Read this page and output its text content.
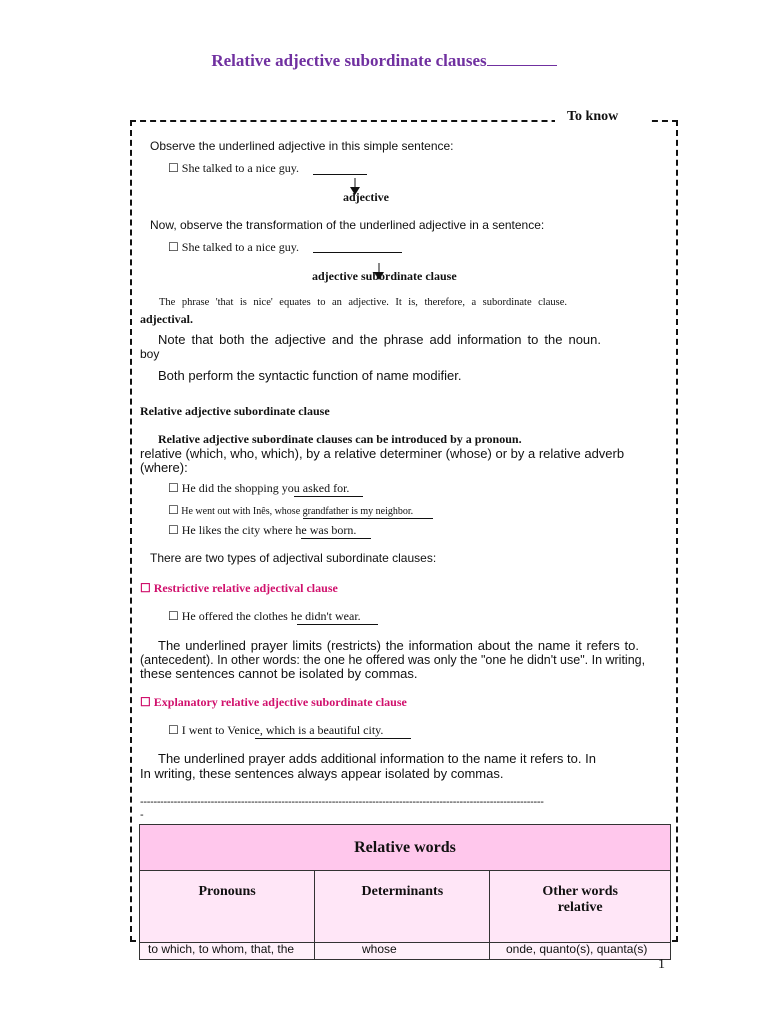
Relative adjective subordinate clauses
To know
Observe the underlined adjective in this simple sentence:
☐ She talked to a nice guy.
adjective
Now, observe the transformation of the underlined adjective in a sentence:
☐ She talked to a nice guy.
adjective subordinate clause
The phrase 'that is nice' equates to an adjective. It is, therefore, a subordinate clause.
adjectival.
Note that both the adjective and the phrase add information to the noun.
boy
Both perform the syntactic function of name modifier.
Relative adjective subordinate clause
Relative adjective subordinate clauses can be introduced by a pronoun.
relative (which, who, which), by a relative determiner (whose) or by a relative adverb
(where):
☐ He did the shopping you asked for.
☐ He went out with Inês, whose grandfather is my neighbor.
☐ He likes the city where he was born.
There are two types of adjectival subordinate clauses:
☐ Restrictive relative adjectival clause
☐ He offered the clothes he didn't wear.
The underlined prayer limits (restricts) the information about the name it refers to.
(antecedent). In other words: the one he offered was only the "one he didn't use". In writing,
these sentences cannot be isolated by commas.
☐ Explanatory relative adjective subordinate clause
☐ I went to Venice, which is a beautiful city.
The underlined prayer adds additional information to the name it refers to. In
In writing, these sentences always appear isolated by commas.
------------------------------------------------------------------------------------------------------------------------
-
Relative words		
Pronouns	Determinants	Other words
relative

to which, to whom, that, the	whose	onde, quanto(s), quanta(s)
1
